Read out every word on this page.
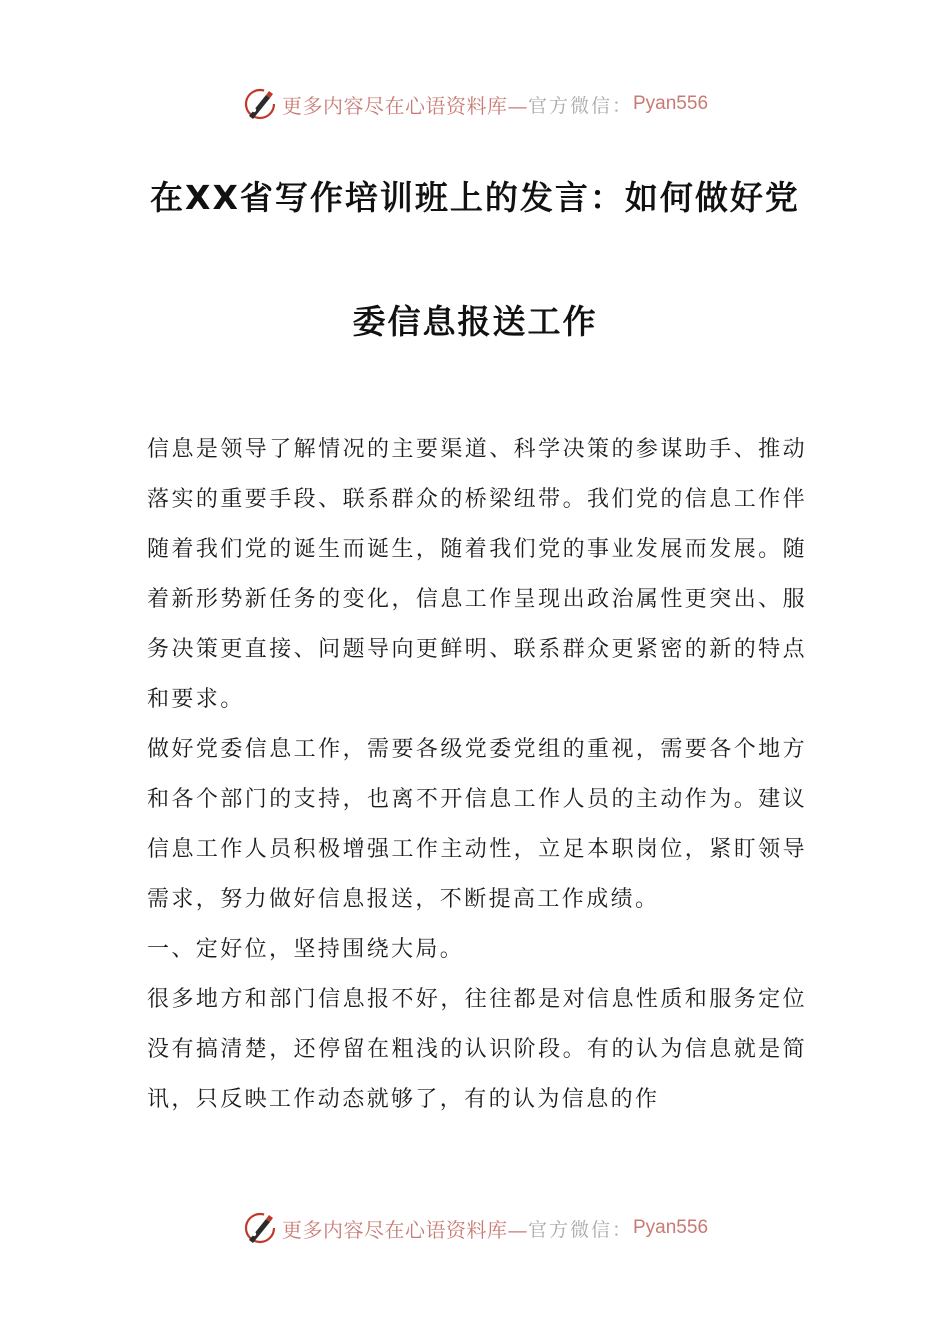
更多内容尽在心语资料库— 官方微信： Pyan556
在XX省写作培训班上的发言：如何做好党
委信息报送工作

信息是领导了解情况的主要渠道、科学决策的参谋助手、推动落实的重要手段、联系群众的桥梁纽带。我们党的信息工作伴随着我们党的诞生而诞生，随着我们党的事业发展而发展。随着新形势新任务的变化，信息工作呈现出政治属性更突出、服务决策更直接、问题导向更鲜明、联系群众更紧密的新的特点和要求。

做好党委信息工作，需要各级党委党组的重视，需要各个地方和各个部门的支持，也离不开信息工作人员的主动作为。建议信息工作人员积极增强工作主动性，立足本职岗位，紧盯领导需求，努力做好信息报送，不断提高工作成绩。

一、定好位，坚持围绕大局。

很多地方和部门信息报不好，往往都是对信息性质和服务定位没有搞清楚，还停留在粗浅的认识阶段。有的认为信息就是简讯，只反映工作动态就够了，有的认为信息的作

更多内容尽在心语资料库— 官方微信： Pyan556
